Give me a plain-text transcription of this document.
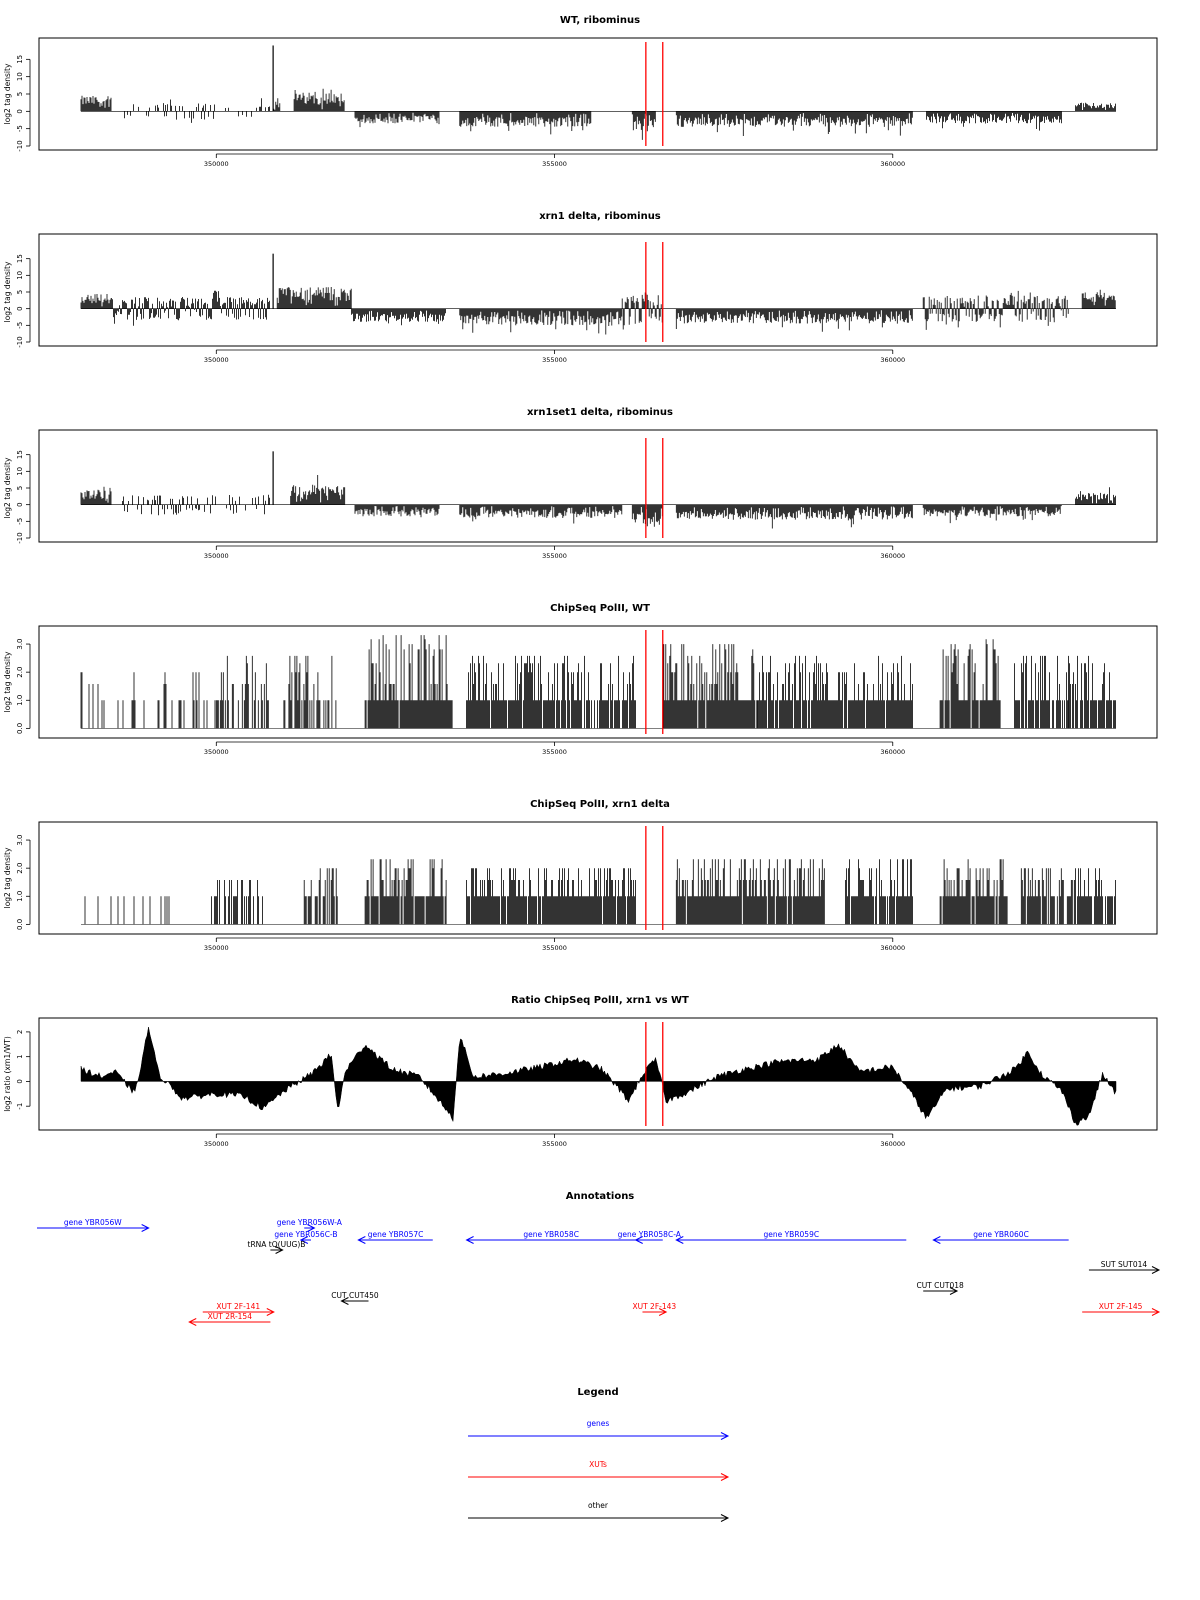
WT, ribominus
-10
-5
0
5
10
15
log2 tag density
350000	355000	360000
xrn1 delta, ribominus
-10
-5
0
5
10
15
log2 tag density
350000	355000	360000
xrn1set1 delta, ribominus
-10
-5
0
5
10
15
log2 tag density
350000	355000	360000
ChipSeq PolII, WT
0.0
1.0
2.0
3.0
log2 tag density
350000	355000	360000
ChipSeq PolII, xrn1 delta
0.0
1.0
2.0
3.0
log2 tag density
350000	355000	360000
Ratio ChipSeq PolII, xrn1 vs WT
-1
0
1
2
log2 ratio (xrn1/WT)
350000	355000	360000
Annotations
gene YBR056W	gene YBR056W-A
gene YBR056C-B	gene YBR057C	gene YBR058C	gene YBR058C-A	gene YBR059C	gene YBR060C
tRNA tQ(UUG)B
SUT SUT014
CUT CUT018
CUT CUT450
XUT 2F-141	XUT 2F-143	XUT 2F-145
XUT 2R-154
Legend
genes
XUTs
other
